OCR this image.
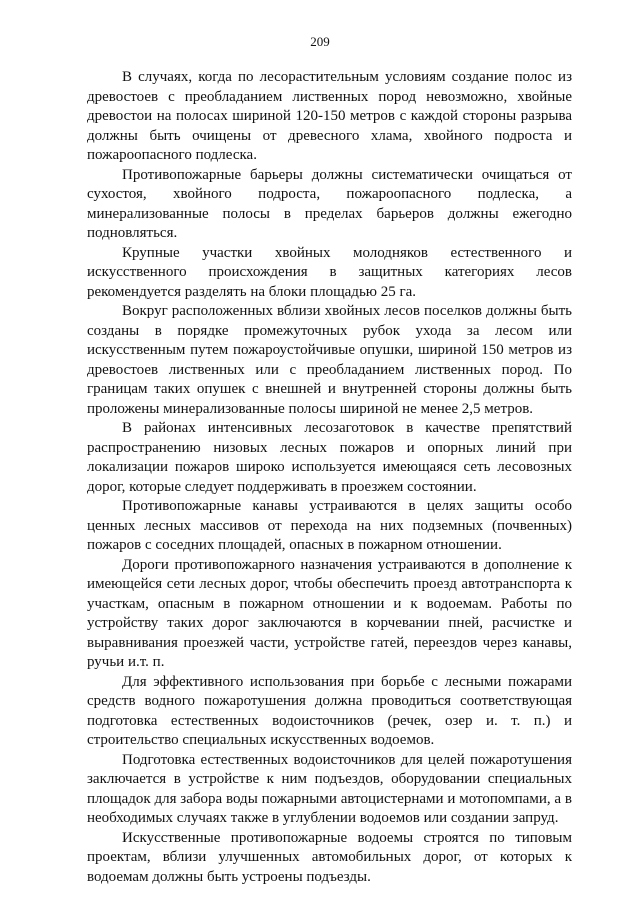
209

В случаях, когда по лесорастительным условиям создание полос из древостоев с преобладанием лиственных пород невозможно, хвойные древостои на полосах шириной 120-150 метров с каждой стороны разрыва должны быть очищены от древесного хлама, хвойного подроста и пожароопасного подлеска.

Противопожарные барьеры должны систематически очищаться от сухостоя, хвойного подроста, пожароопасного подлеска, а минерализованные полосы в пределах барьеров должны ежегодно подновляться.

Крупные участки хвойных молодняков естественного и искусственного происхождения в защитных категориях лесов рекомендуется разделять на блоки площадью 25 га.

Вокруг расположенных вблизи хвойных лесов поселков должны быть созданы в порядке промежуточных рубок ухода за лесом или искусственным путем пожароустойчивые опушки, шириной 150 метров из древостоев лиственных или с преобладанием лиственных пород. По границам таких опушек с внешней и внутренней стороны должны быть проложены минерализованные полосы шириной не менее 2,5 метров.

В районах интенсивных лесозаготовок в качестве препятствий распространению низовых лесных пожаров и опорных линий при локализации пожаров широко используется имеющаяся сеть лесовозных дорог, которые следует поддерживать в проезжем состоянии.

Противопожарные канавы устраиваются в целях защиты особо ценных лесных массивов от перехода на них подземных (почвенных) пожаров с соседних площадей, опасных в пожарном отношении.

Дороги противопожарного назначения устраиваются в дополнение к имеющейся сети лесных дорог, чтобы обеспечить проезд автотранспорта к участкам, опасным в пожарном отношении и к водоемам. Работы по устройству таких дорог заключаются в корчевании пней, расчистке и выравнивания проезжей части, устройстве гатей, переездов через канавы, ручьи и.т. п.

Для эффективного использования при борьбе с лесными пожарами средств водного пожаротушения должна проводиться соответствующая подготовка естественных водоисточников (речек, озер и. т. п.) и строительство специальных искусственных водоемов.

Подготовка естественных водоисточников для целей пожаротушения заключается в устройстве к ним подъездов, оборудовании специальных площадок для забора воды пожарными автоцистернами и мотопомпами, а в необходимых случаях также в углублении водоемов или создании запруд.

Искусственные противопожарные водоемы строятся по типовым проектам, вблизи улучшенных автомобильных дорог, от которых к водоемам должны быть устроены подъезды.
